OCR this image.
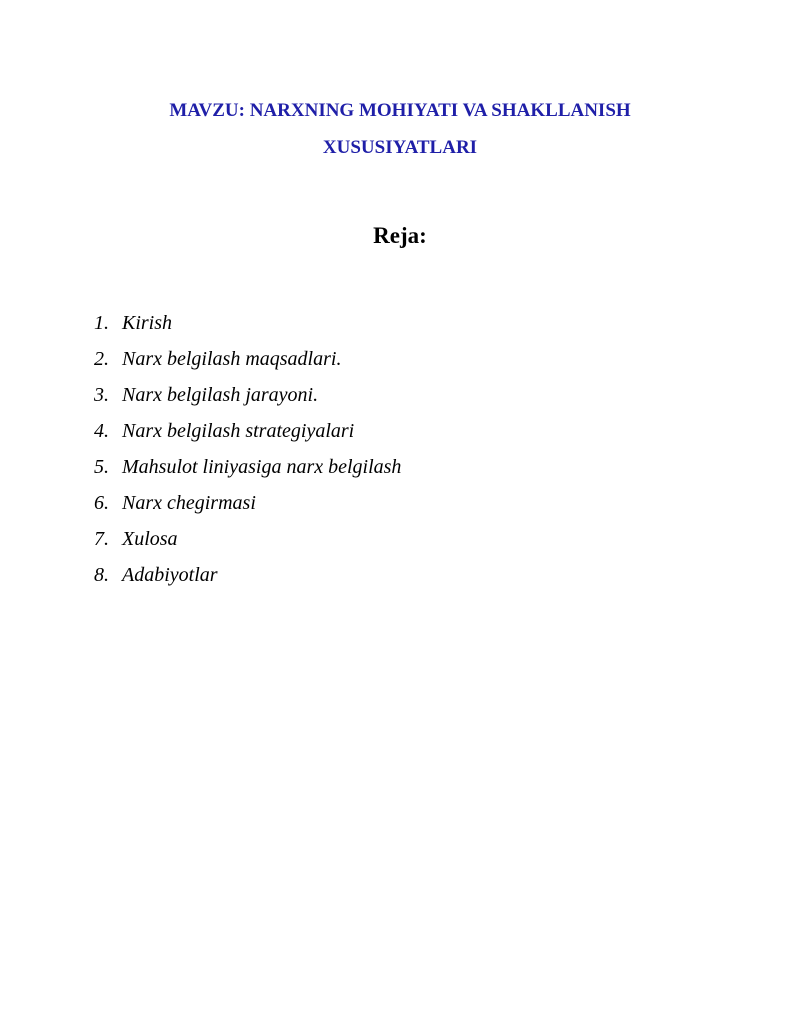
MAVZU: NARXNING MOHIYATI VA SHAKLLANISH
XUSUSIYATLARI
Reja:
1. Kirish
2. Narx belgilash maqsadlari.
3. Narx belgilash jarayoni.
4. Narx belgilash strategiyalari
5. Mahsulot liniyasiga narx belgilash
6. Narx chegirmasi
7. Xulosa
8. Adabiyotlar
